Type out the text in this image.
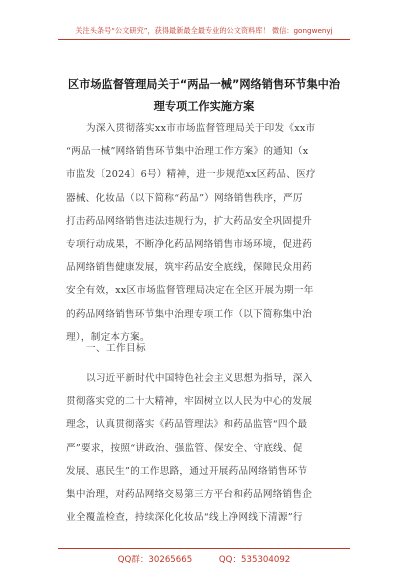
关注头条号“公文研究”，获得最新最全最专业的公文资料库！ 微信：gongwenyj
区市场监督管理局关于“两品一械”网络销售环节集中治
理专项工作实施方案
为深入贯彻落实xx市市场监督管理局关于印发《xx市
“两品一械”网络销售环节集中治理工作方案》的通知（x
市监发〔2024〕6号）精神，进一步规范xx区药品、医疗
器械、化妆品（以下简称“药品”）网络销售秩序，严厉
打击药品网络销售违法违规行为，扩大药品安全巩固提升
专项行动成果，不断净化药品网络销售市场环境，促进药
品网络销售健康发展，筑牢药品安全底线，保障民众用药
安全有效，xx区市场监督管理局决定在全区开展为期一年
的药品网络销售环节集中治理专项工作（以下简称集中治
理），制定本方案。
一、工作目标
以习近平新时代中国特色社会主义思想为指导，深入
贯彻落实党的二十大精神，牢固树立以人民为中心的发展
理念，认真贯彻落实《药品管理法》和药品监管“四个最
严”要求，按照“讲政治、强监管、保安全、守底线、促
发展、惠民生”的工作思路，通过开展药品网络销售环节
集中治理，对药品网络交易第三方平台和药品网络销售企
业全覆盖检查，持续深化化妆品“线上净网线下清源”行
QQ群：30265665	QQ：535304092
